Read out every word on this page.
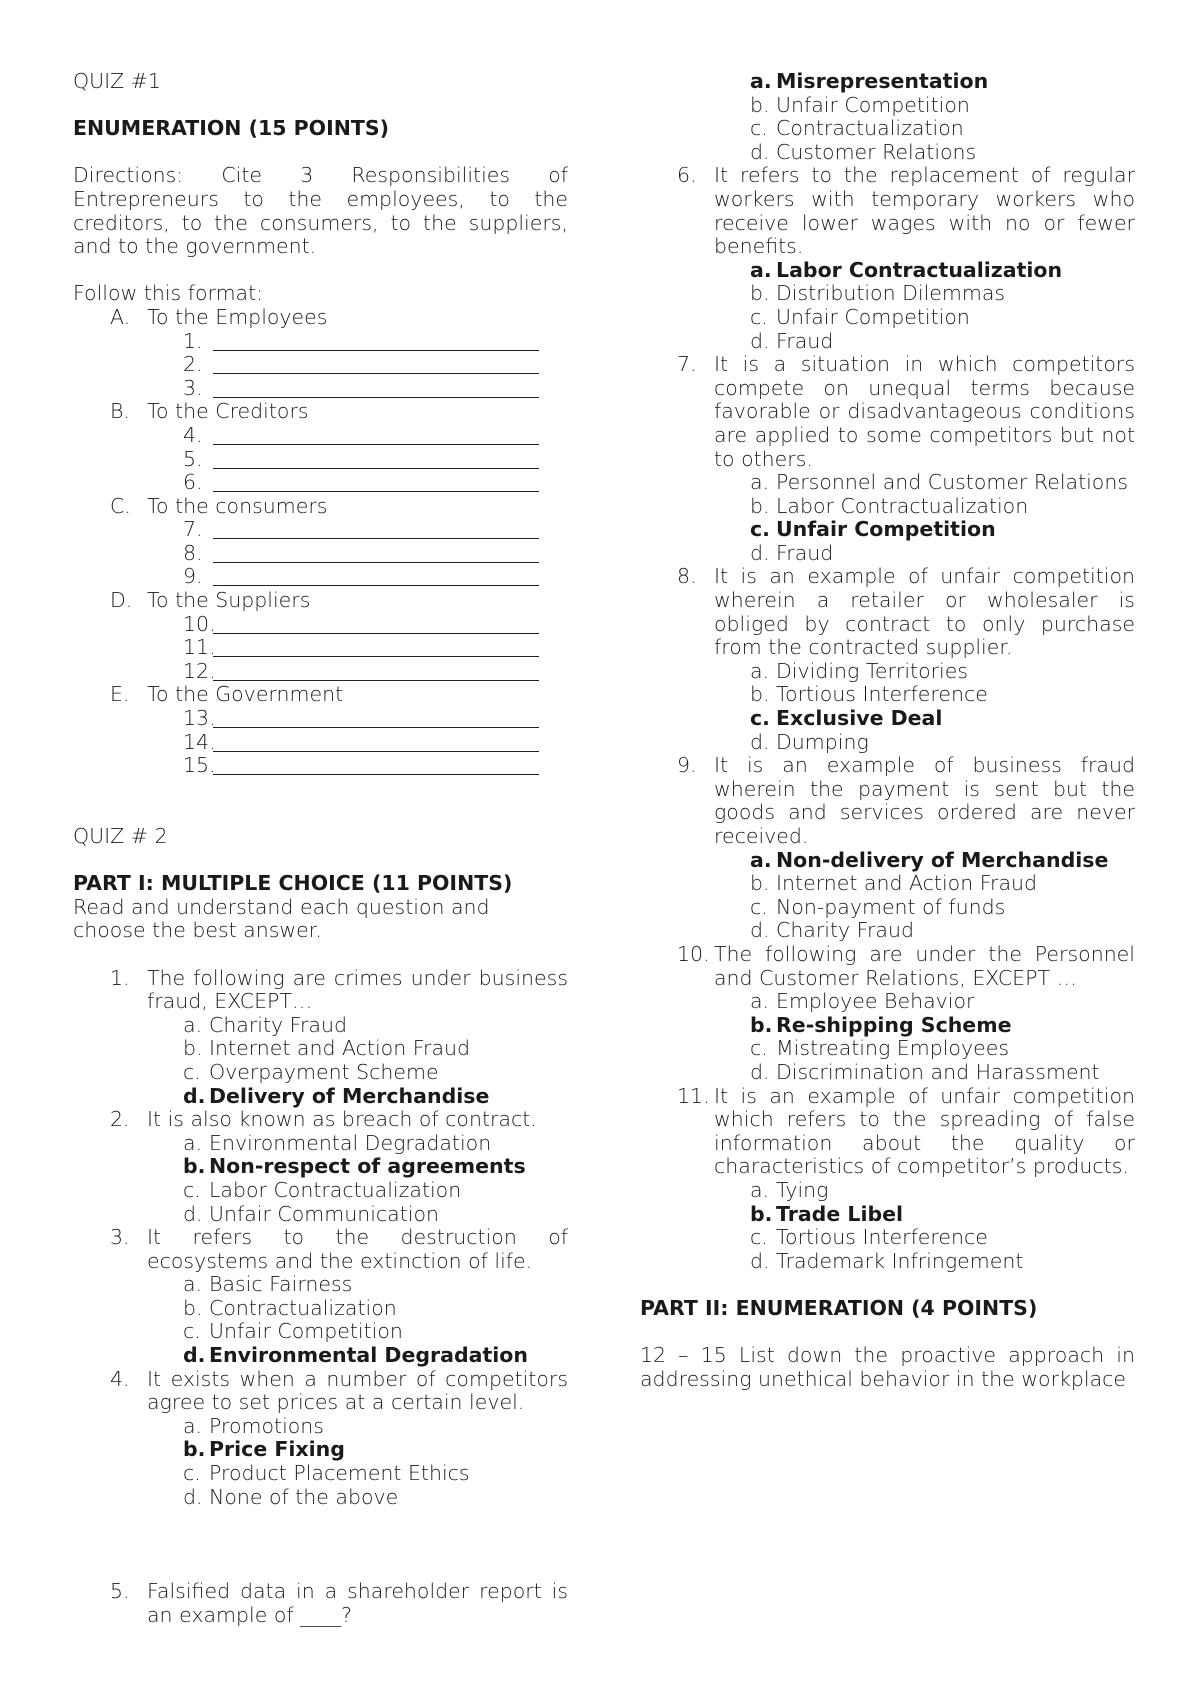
QUIZ #1

ENUMERATION (15 POINTS)

Directions: Cite 3 Responsibilities of Entrepreneurs to the employees, to the creditors, to the consumers, to the suppliers, and to the government.

Follow this format:

A. To the Employees
1.
2.
3.
B. To the Creditors
4.
5.
6.
C. To the consumers
7.
8.
9.
D. To the Suppliers
10.
11.
12.
E. To the Government
13.
14.
15.

QUIZ # 2

PART I: MULTIPLE CHOICE (11 POINTS)

Read and understand each question and choose the best answer.

1. The following are crimes under business fraud, EXCEPT…
a. Charity Fraud
b. Internet and Action Fraud
c. Overpayment Scheme
d. Delivery of Merchandise
2. It is also known as breach of contract.
a. Environmental Degradation
b. Non-respect of agreements
c. Labor Contractualization
d. Unfair Communication
3. It refers to the destruction of ecosystems and the extinction of life.
a. Basic Fairness
b. Contractualization
c. Unfair Competition
d. Environmental Degradation
4. It exists when a number of competitors agree to set prices at a certain level.
a. Promotions
b. Price Fixing
c. Product Placement Ethics
d. None of the above
5. Falsified data in a shareholder report is an example of ____?
a. Misrepresentation
b. Unfair Competition
c. Contractualization
d. Customer Relations
6. It refers to the replacement of regular workers with temporary workers who receive lower wages with no or fewer benefits.
a. Labor Contractualization
b. Distribution Dilemmas
c. Unfair Competition
d. Fraud
7. It is a situation in which competitors compete on unequal terms because favorable or disadvantageous conditions are applied to some competitors but not to others.
a. Personnel and Customer Relations
b. Labor Contractualization
c. Unfair Competition
d. Fraud
8. It is an example of unfair competition wherein a retailer or wholesaler is obliged by contract to only purchase from the contracted supplier.
a. Dividing Territories
b. Tortious Interference
c. Exclusive Deal
d. Dumping
9. It is an example of business fraud wherein the payment is sent but the goods and services ordered are never received.
a. Non-delivery of Merchandise
b. Internet and Action Fraud
c. Non-payment of funds
d. Charity Fraud
10. The following are under the Personnel and Customer Relations, EXCEPT …
a. Employee Behavior
b. Re-shipping Scheme
c. Mistreating Employees
d. Discrimination and Harassment
11. It is an example of unfair competition which refers to the spreading of false information about the quality or characteristics of competitor’s products.
a. Tying
b. Trade Libel
c. Tortious Interference
d. Trademark Infringement

PART II: ENUMERATION (4 POINTS)

12 – 15 List down the proactive approach in addressing unethical behavior in the workplace
